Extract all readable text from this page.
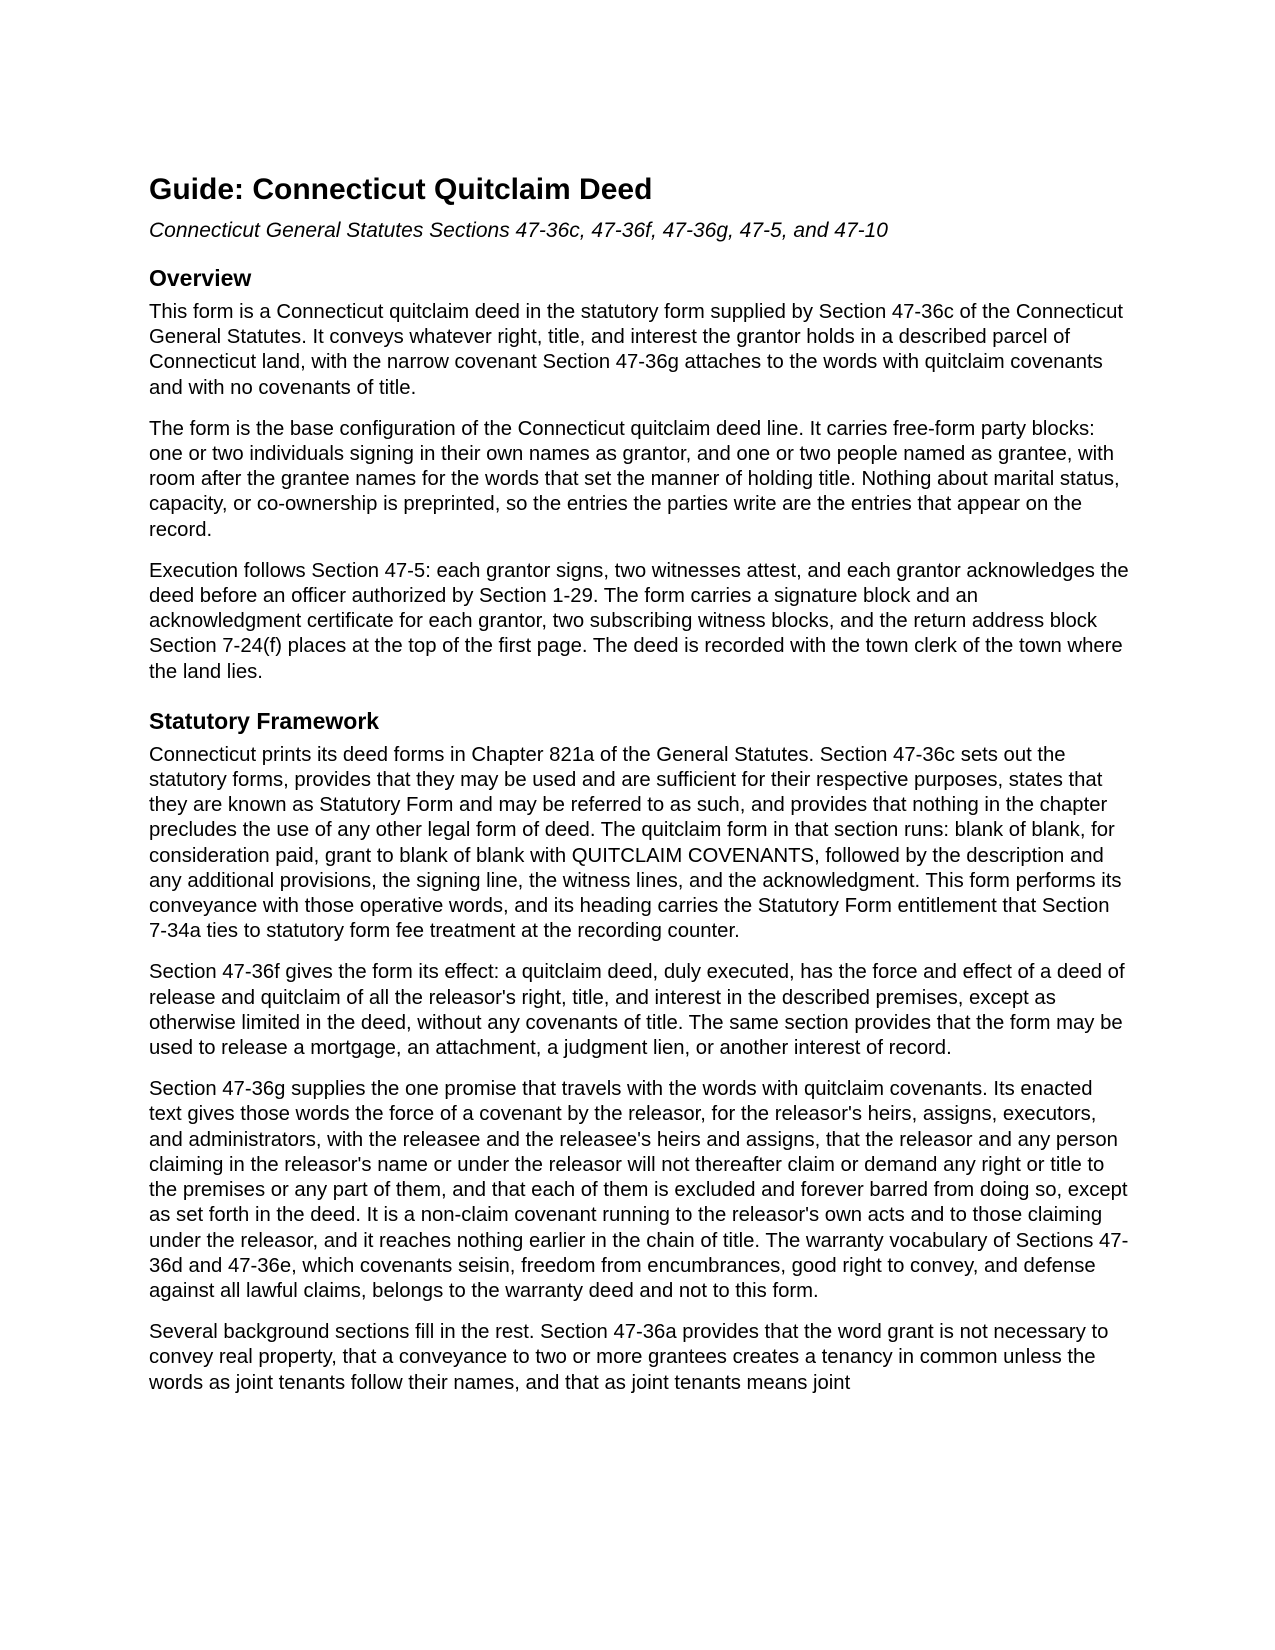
Guide: Connecticut Quitclaim Deed
Connecticut General Statutes Sections 47-36c, 47-36f, 47-36g, 47-5, and 47-10
Overview

This form is a Connecticut quitclaim deed in the statutory form supplied by Section 47-36c of the Connecticut General Statutes. It conveys whatever right, title, and interest the grantor holds in a described parcel of Connecticut land, with the narrow covenant Section 47-36g attaches to the words with quitclaim covenants and with no covenants of title.

The form is the base configuration of the Connecticut quitclaim deed line. It carries free-form party blocks: one or two individuals signing in their own names as grantor, and one or two people named as grantee, with room after the grantee names for the words that set the manner of holding title. Nothing about marital status, capacity, or co-ownership is preprinted, so the entries the parties write are the entries that appear on the record.

Execution follows Section 47-5: each grantor signs, two witnesses attest, and each grantor acknowledges the deed before an officer authorized by Section 1-29. The form carries a signature block and an acknowledgment certificate for each grantor, two subscribing witness blocks, and the return address block Section 7-24(f) places at the top of the first page. The deed is recorded with the town clerk of the town where the land lies.

Statutory Framework

Connecticut prints its deed forms in Chapter 821a of the General Statutes. Section 47-36c sets out the statutory forms, provides that they may be used and are sufficient for their respective purposes, states that they are known as Statutory Form and may be referred to as such, and provides that nothing in the chapter precludes the use of any other legal form of deed. The quitclaim form in that section runs: blank of blank, for consideration paid, grant to blank of blank with QUITCLAIM COVENANTS, followed by the description and any additional provisions, the signing line, the witness lines, and the acknowledgment. This form performs its conveyance with those operative words, and its heading carries the Statutory Form entitlement that Section 7-34a ties to statutory form fee treatment at the recording counter.

Section 47-36f gives the form its effect: a quitclaim deed, duly executed, has the force and effect of a deed of release and quitclaim of all the releasor's right, title, and interest in the described premises, except as otherwise limited in the deed, without any covenants of title. The same section provides that the form may be used to release a mortgage, an attachment, a judgment lien, or another interest of record.

Section 47-36g supplies the one promise that travels with the words with quitclaim covenants. Its enacted text gives those words the force of a covenant by the releasor, for the releasor's heirs, assigns, executors, and administrators, with the releasee and the releasee's heirs and assigns, that the releasor and any person claiming in the releasor's name or under the releasor will not thereafter claim or demand any right or title to the premises or any part of them, and that each of them is excluded and forever barred from doing so, except as set forth in the deed. It is a non-claim covenant running to the releasor's own acts and to those claiming under the releasor, and it reaches nothing earlier in the chain of title. The warranty vocabulary of Sections 47-36d and 47-36e, which covenants seisin, freedom from encumbrances, good right to convey, and defense against all lawful claims, belongs to the warranty deed and not to this form.

Several background sections fill in the rest. Section 47-36a provides that the word grant is not necessary to convey real property, that a conveyance to two or more grantees creates a tenancy in common unless the words as joint tenants follow their names, and that as joint tenants means joint
